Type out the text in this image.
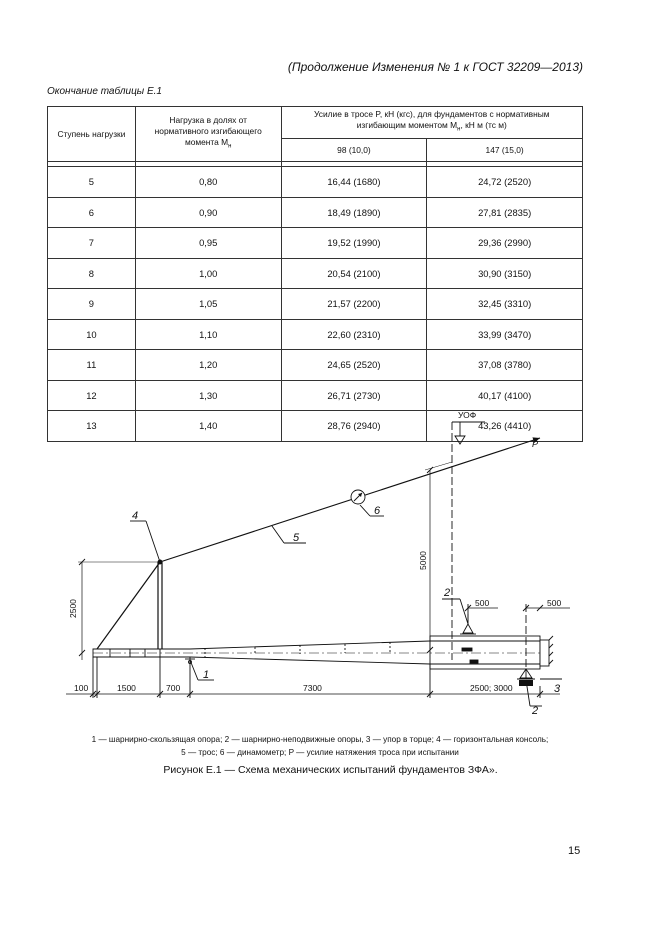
(Продолжение Изменения № 1 к ГОСТ 32209—2013)
Окончание таблицы Е.1
Ступень нагрузки	Нагрузка в долях от нормативного изгибающего момента $M_н$	Усилие в тросе P, кН (кгс), для фундаментов с нормативным изгибающим моментом $M_н$, кН м (тс м)	
		98 (10,0)	147 (15,0)

5	0,80	16,44 (1680)	24,72 (2520)
6	0,90	18,49 (1890)	27,81 (2835)
7	0,95	19,52 (1990)	29,36 (2990)
8	1,00	20,54 (2100)	30,90 (3150)
9	1,05	21,57 (2200)	32,45 (3310)
10	1,10	22,60 (2310)	33,99 (3470)
11	1,20	24,65 (2520)	37,08 (3780)
12	1,30	26,71 (2730)	40,17 (4100)
13	1,40	28,76 (2940)	43,26 (4410)
P
4
5
6
1
2
2
3
УОФ
5000
2500	500	500
100	1500	700	7300	2500; 3000
1 — шарнирно-скользящая опора; 2 — шарнирно-неподвижные опоры, 3 — упор в торце; 4 — горизонтальная консоль;
5 — трос; 6 — динамометр; P — усилие натяжения троса при испытании
Рисунок Е.1 — Схема механических испытаний фундаментов ЗФА».
15
